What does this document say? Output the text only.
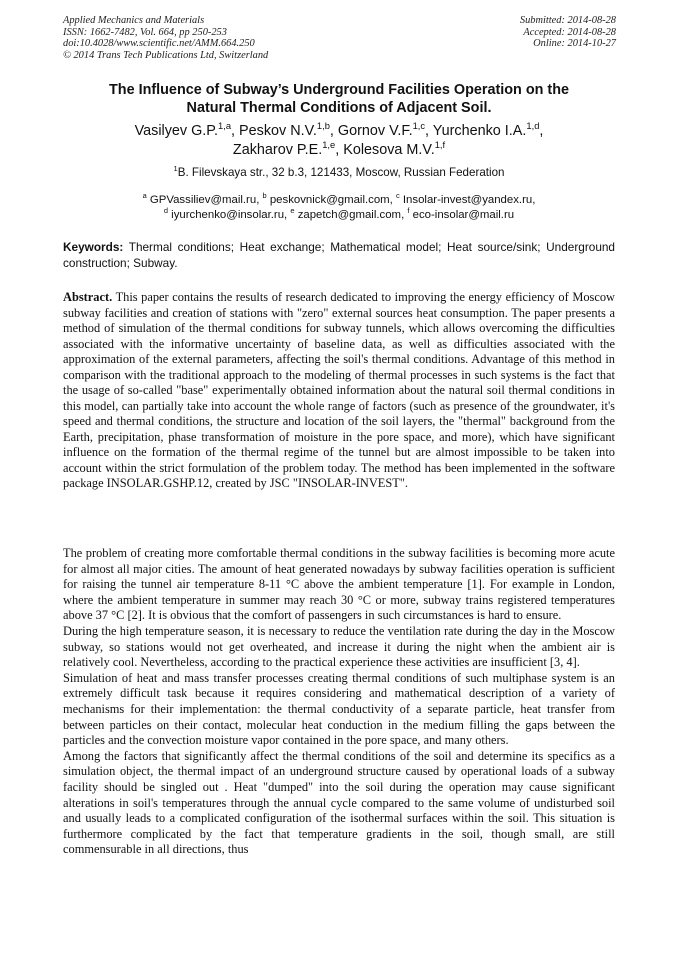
Applied Mechanics and Materials
ISSN: 1662-7482, Vol. 664, pp 250-253
doi:10.4028/www.scientific.net/AMM.664.250
© 2014 Trans Tech Publications Ltd, Switzerland
Submitted: 2014-08-28
Accepted: 2014-08-28
Online: 2014-10-27
The Influence of Subway’s Underground Facilities Operation on the
Natural Thermal Conditions of Adjacent Soil.
Vasilyev G.P.$^{1,a}$, Peskov N.V.$^{1,b}$, Gornov V.F.$^{1,c}$, Yurchenko I.A.$^{1,d}$,
Zakharov P.E.$^{1,e}$, Kolesova M.V.$^{1,f}$
$^1$B. Filevskaya str., 32 b.3, 121433, Moscow, Russian Federation
$^a$ GPVassiliev@mail.ru, $^b$ peskovnick@gmail.com, $^c$ Insolar-invest@yandex.ru,
$^d$ iyurchenko@insolar.ru, $^e$ zapetch@gmail.com, $^f$ eco-insolar@mail.ru
Keywords: Thermal conditions; Heat exchange; Mathematical model; Heat source/sink; Underground construction; Subway.
Abstract. This paper contains the results of research dedicated to improving the energy efficiency of Moscow subway facilities and creation of stations with "zero" external sources heat consumption. The paper presents a method of simulation of the thermal conditions for subway tunnels, which allows overcoming the difficulties associated with the informative uncertainty of baseline data, as well as difficulties associated with the approximation of the external parameters, affecting the soil's thermal conditions. Advantage of this method in comparison with the traditional approach to the modeling of thermal processes in such systems is the fact that the usage of so-called "base" experimentally obtained information about the natural soil thermal conditions in this model, can partially take into account the whole range of factors (such as presence of the groundwater, it's speed and thermal conditions, the structure and location of the soil layers, the "thermal" background from the Earth, precipitation, phase transformation of moisture in the pore space, and more), which have significant influence on the formation of the thermal regime of the tunnel but are almost impossible to be taken into account within the strict formulation of the problem today. The method has been implemented in the software package INSOLAR.GSHP.12, created by JSC "INSOLAR-INVEST".

The problem of creating more comfortable thermal conditions in the subway facilities is becoming more acute for almost all major cities. The amount of heat generated nowadays by subway facilities operation is sufficient for raising the tunnel air temperature 8-11 °C above the ambient temperature [1]. For example in London, where the ambient temperature in summer may reach 30 °C or more, subway trains registered temperatures above 37 °C [2]. It is obvious that the comfort of passengers in such circumstances is hard to ensure.

During the high temperature season, it is necessary to reduce the ventilation rate during the day in the Moscow subway, so stations would not get overheated, and increase it during the night when the ambient air is relatively cool. Nevertheless, according to the practical experience these activities are insufficient [3, 4].

Simulation of heat and mass transfer processes creating thermal conditions of such multiphase system is an extremely difficult task because it requires considering and mathematical description of a variety of mechanisms for their implementation: the thermal conductivity of a separate particle, heat transfer from between particles on their contact, molecular heat conduction in the medium filling the gaps between the particles and the convection moisture vapor contained in the pore space, and many others.

Among the factors that significantly affect the thermal conditions of the soil and determine its specifics as a simulation object, the thermal impact of an underground structure caused by operational loads of a subway facility should be singled out . Heat "dumped" into the soil during the operation may cause significant alterations in soil's temperatures through the annual cycle compared to the same volume of undisturbed soil and usually leads to a complicated configuration of the isothermal surfaces within the soil. This situation is furthermore complicated by the fact that temperature gradients in the soil, though small, are still commensurable in all directions, thus
